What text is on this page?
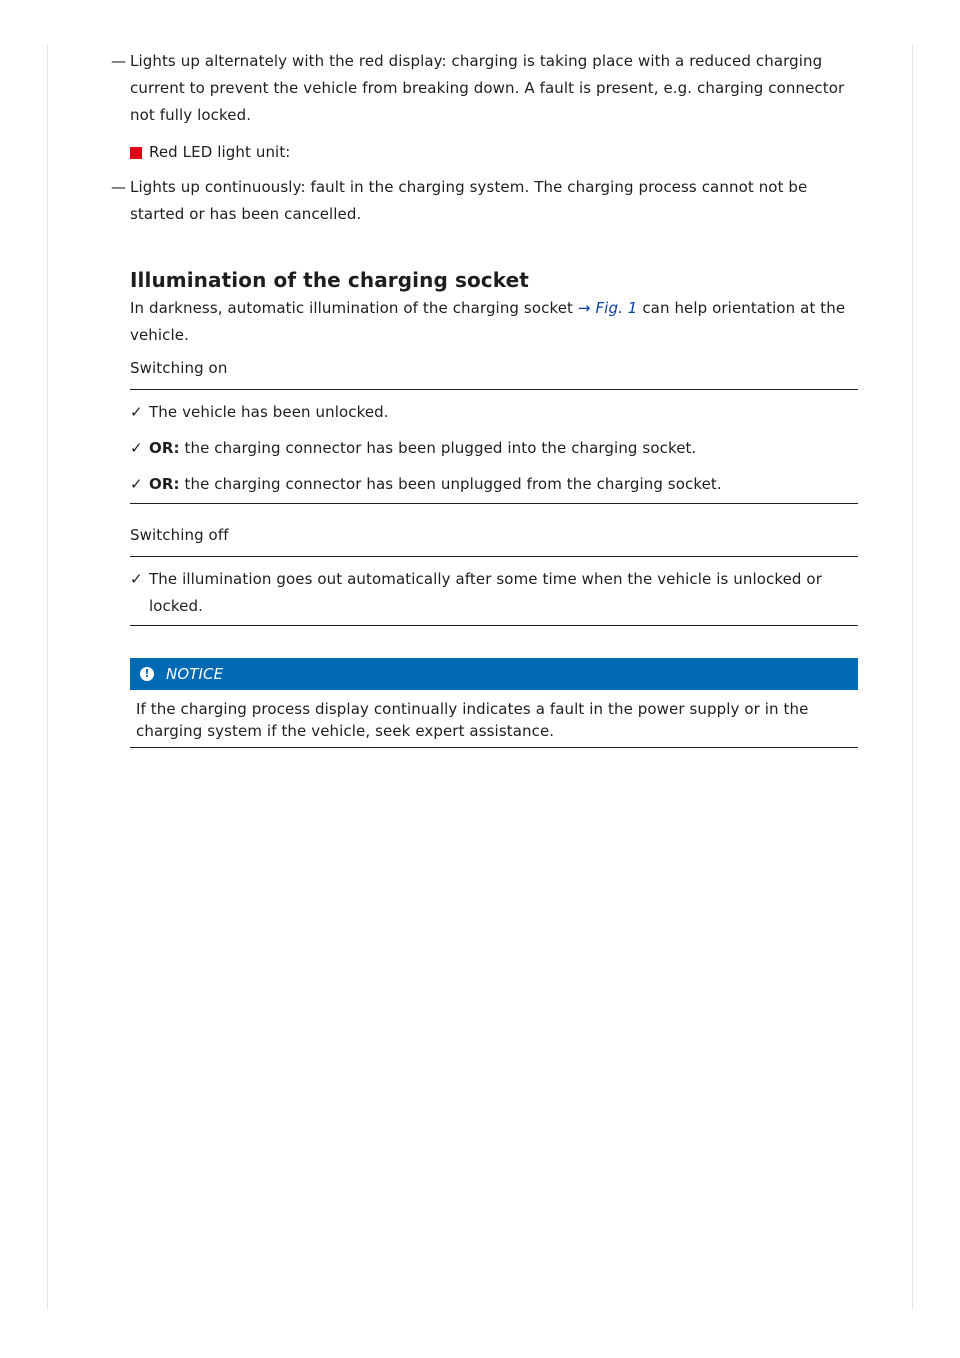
— Lights up alternately with the red display: charging is taking place with a reduced charging current to prevent the vehicle from breaking down. A fault is present, e.g. charging connector not fully locked.
Red LED light unit:
— Lights up continuously: fault in the charging system. The charging process cannot not be started or has been cancelled.
Illumination of the charging socket

In darkness, automatic illumination of the charging socket → Fig. 1 can help orientation at the vehicle.

Switching on
✓ The vehicle has been unlocked.
✓ OR: the charging connector has been plugged into the charging socket.
✓ OR: the charging connector has been unplugged from the charging socket.
Switching off
✓ The illumination goes out automatically after some time when the vehicle is unlocked or locked.
! NOTICE
If the charging process display continually indicates a fault in the power supply or in the charging system if the vehicle, seek expert assistance.
